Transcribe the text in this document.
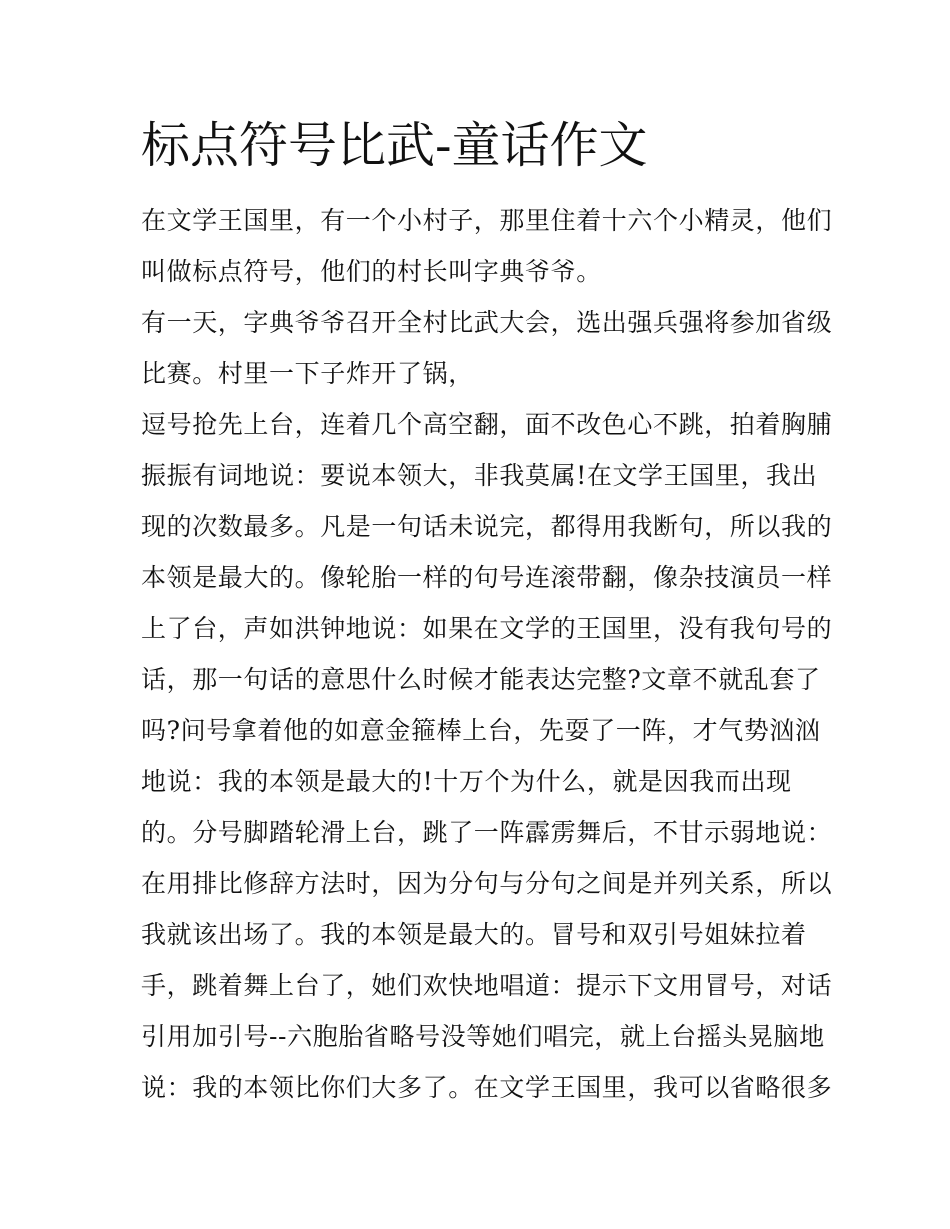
标点符号比武-童话作文
在文学王国里，有一个小村子，那里住着十六个小精灵，他们
叫做标点符号，他们的村长叫字典爷爷。
有一天，字典爷爷召开全村比武大会，选出强兵强将参加省级
比赛。村里一下子炸开了锅，
逗号抢先上台，连着几个高空翻，面不改色心不跳，拍着胸脯
振振有词地说：要说本领大，非我莫属!在文学王国里，我出
现的次数最多。凡是一句话未说完，都得用我断句，所以我的
本领是最大的。像轮胎一样的句号连滚带翻，像杂技演员一样
上了台，声如洪钟地说：如果在文学的王国里，没有我句号的
话，那一句话的意思什么时候才能表达完整?文章不就乱套了
吗?问号拿着他的如意金箍棒上台，先耍了一阵，才气势汹汹
地说：我的本领是最大的!十万个为什么，就是因我而出现
的。分号脚踏轮滑上台，跳了一阵霹雳舞后，不甘示弱地说：
在用排比修辞方法时，因为分句与分句之间是并列关系，所以
我就该出场了。我的本领是最大的。冒号和双引号姐妹拉着
手，跳着舞上台了，她们欢快地唱道：提示下文用冒号，对话
引用加引号--六胞胎省略号没等她们唱完，就上台摇头晃脑地
说：我的本领比你们大多了。在文学王国里，我可以省略很多
